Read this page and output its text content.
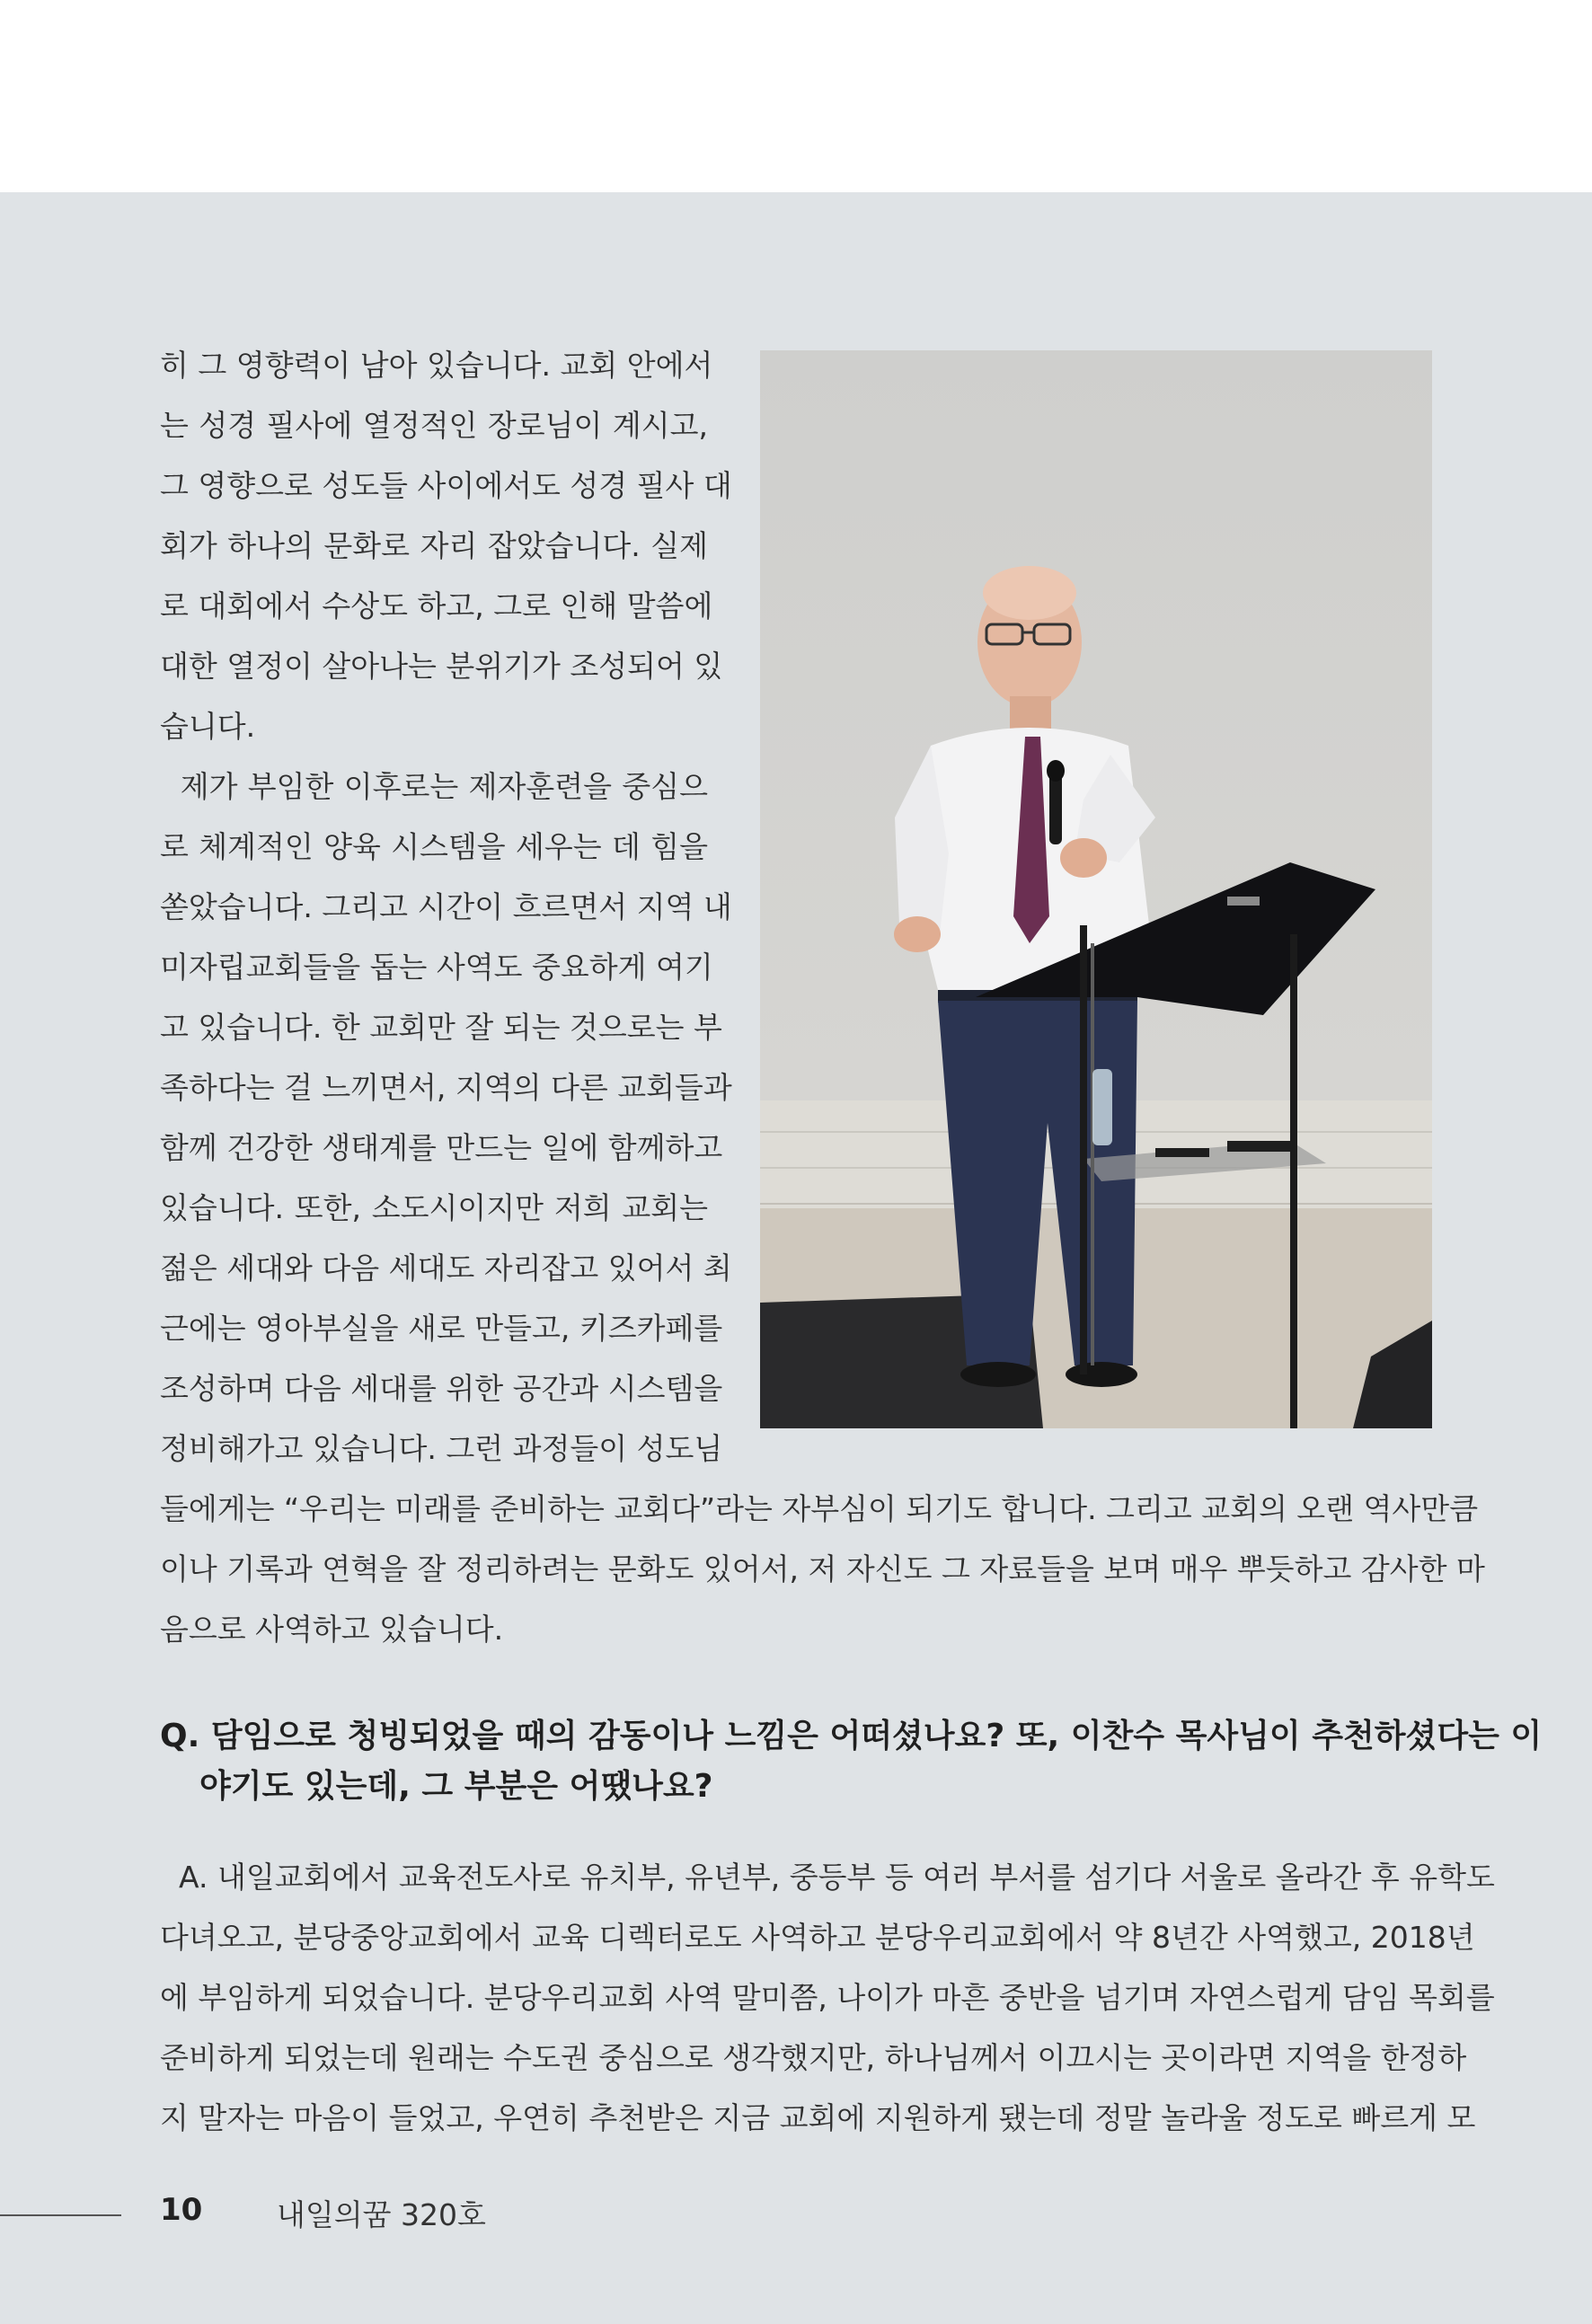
히 그 영향력이 남아 있습니다. 교회 안에서
는 성경 필사에 열정적인 장로님이 계시고,
그 영향으로 성도들 사이에서도 성경 필사 대
회가 하나의 문화로 자리 잡았습니다. 실제
로 대회에서 수상도 하고, 그로 인해 말씀에
대한 열정이 살아나는 분위기가 조성되어 있
습니다.
제가 부임한 이후로는 제자훈련을 중심으
로 체계적인 양육 시스템을 세우는 데 힘을
쏟았습니다. 그리고 시간이 흐르면서 지역 내
미자립교회들을 돕는 사역도 중요하게 여기
고 있습니다. 한 교회만 잘 되는 것으로는 부
족하다는 걸 느끼면서, 지역의 다른 교회들과
함께 건강한 생태계를 만드는 일에 함께하고
있습니다. 또한, 소도시이지만 저희 교회는
젊은 세대와 다음 세대도 자리잡고 있어서 최
근에는 영아부실을 새로 만들고, 키즈카페를
조성하며 다음 세대를 위한 공간과 시스템을
정비해가고 있습니다. 그런 과정들이 성도님
들에게는 “우리는 미래를 준비하는 교회다”라는 자부심이 되기도 합니다. 그리고 교회의 오랜 역사만큼
이나 기록과 연혁을 잘 정리하려는 문화도 있어서, 저 자신도 그 자료들을 보며 매우 뿌듯하고 감사한 마
음으로 사역하고 있습니다.
Q. 담임으로 청빙되었을 때의 감동이나 느낌은 어떠셨나요? 또, 이찬수 목사님이 추천하셨다는 이
야기도 있는데, 그 부분은 어땠나요?
A. 내일교회에서 교육전도사로 유치부, 유년부, 중등부 등 여러 부서를 섬기다 서울로 올라간 후 유학도
다녀오고, 분당중앙교회에서 교육 디렉터로도 사역하고 분당우리교회에서 약 8년간 사역했고, 2018년
에 부임하게 되었습니다. 분당우리교회 사역 말미쯤, 나이가 마흔 중반을 넘기며 자연스럽게 담임 목회를
준비하게 되었는데 원래는 수도권 중심으로 생각했지만, 하나님께서 이끄시는 곳이라면 지역을 한정하
지 말자는 마음이 들었고, 우연히 추천받은 지금 교회에 지원하게 됐는데 정말 놀라울 정도로 빠르게 모
10	내일의꿈 320호
